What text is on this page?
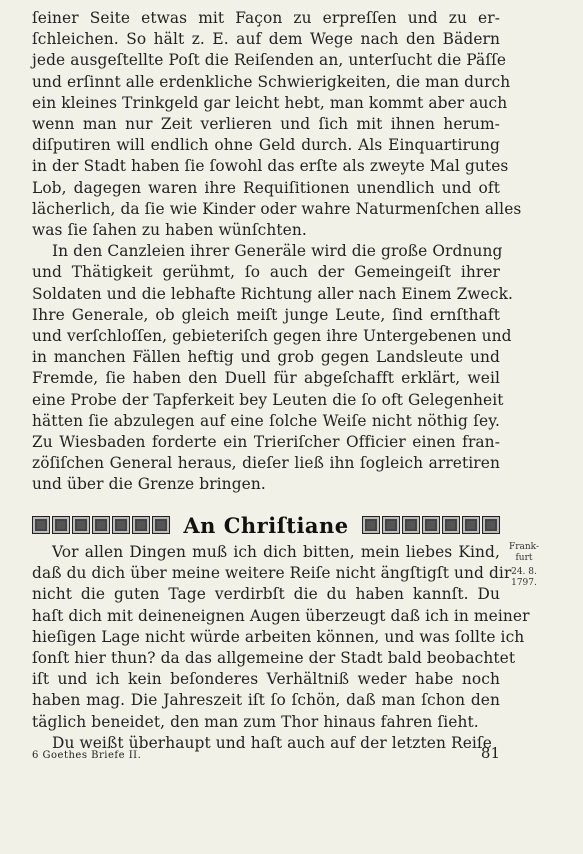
ſeiner Seite etwas mit Façon zu erpreſſen und zu er-
ſchleichen. So hält z. E. auf dem Wege nach den Bädern
jede ausgeſtellte Poſt die Reiſenden an, unterſucht die Päſſe
und erſinnt alle erdenkliche Schwierigkeiten, die man durch
ein kleines Trinkgeld gar leicht hebt, man kommt aber auch
wenn man nur Zeit verlieren und ſich mit ihnen herum-
diſputiren will endlich ohne Geld durch. Als Einquartirung
in der Stadt haben ſie ſowohl das erſte als zweyte Mal gutes
Lob, dagegen waren ihre Requiſitionen unendlich und oft
lächerlich, da ſie wie Kinder oder wahre Naturmenſchen alles
was ſie ſahen zu haben wünſchten.
In den Canzleien ihrer Generäle wird die große Ordnung
und Thätigkeit gerühmt, ſo auch der Gemeingeiſt ihrer
Soldaten und die lebhafte Richtung aller nach Einem Zweck.
Ihre Generale, ob gleich meiſt junge Leute, ſind ernſthaft
und verſchloſſen, gebieteriſch gegen ihre Untergebenen und
in manchen Fällen heftig und grob gegen Landsleute und
Fremde, ſie haben den Duell für abgeſchafft erklärt, weil
eine Probe der Tapferkeit bey Leuten die ſo oft Gelegenheit
hätten ſie abzulegen auf eine ſolche Weiſe nicht nöthig ſey.
Zu Wiesbaden forderte ein Trieriſcher Officier einen fran-
zöſiſchen General heraus, dieſer ließ ihn ſogleich arretiren
und über die Grenze bringen.
An Chriſtiane
Vor allen Dingen muß ich dich bitten, mein liebes Kind,
daß du dich über meine weitere Reiſe nicht ängſtigſt und dir
nicht die guten Tage verdirbſt die du haben kannſt. Du
haſt dich mit deineneignen Augen überzeugt daß ich in meiner
hieſigen Lage nicht würde arbeiten können, und was ſollte ich
ſonſt hier thun? da das allgemeine der Stadt bald beobachtet
iſt und ich kein beſonderes Verhältniß weder habe noch
haben mag. Die Jahreszeit iſt ſo ſchön, daß man ſchon den
täglich beneidet, den man zum Thor hinaus fahren ſieht.
Du weißt überhaupt und haſt auch auf der letzten Reiſe
Frank-furt
24. 8. 1797.
6 Goethes Briefe II.	81
